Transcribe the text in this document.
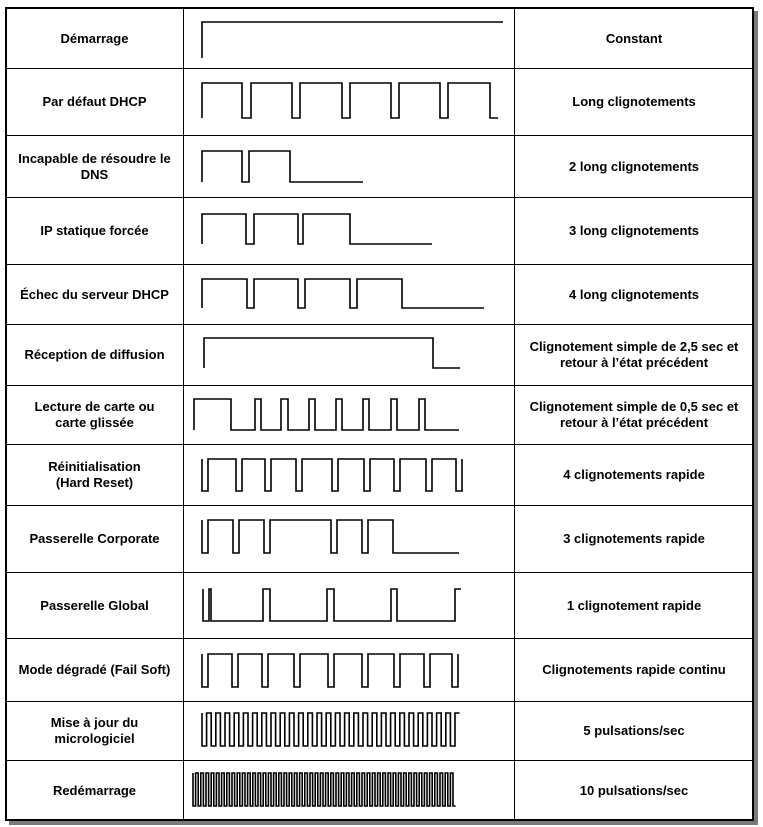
Démarrage
Par défaut DHCP
Incapable de résoudre le
DNS
IP statique forcée
Échec du serveur DHCP
Réception de diffusion
Lecture de carte ou
carte glissée
Réinitialisation
(Hard Reset)
Passerelle Corporate
Passerelle Global
Mode dégradé (Fail Soft)
Mise à jour du
micrologiciel
Redémarrage
Constant
Long clignotements
2 long clignotements
3 long clignotements
4 long clignotements
Clignotement simple de 2,5 sec et
retour à l’état précédent
Clignotement simple de 0,5 sec et
retour à l’état précédent
4 clignotements rapide
3 clignotements rapide
1 clignotement rapide
Clignotements rapide continu
5 pulsations/sec
10 pulsations/sec
